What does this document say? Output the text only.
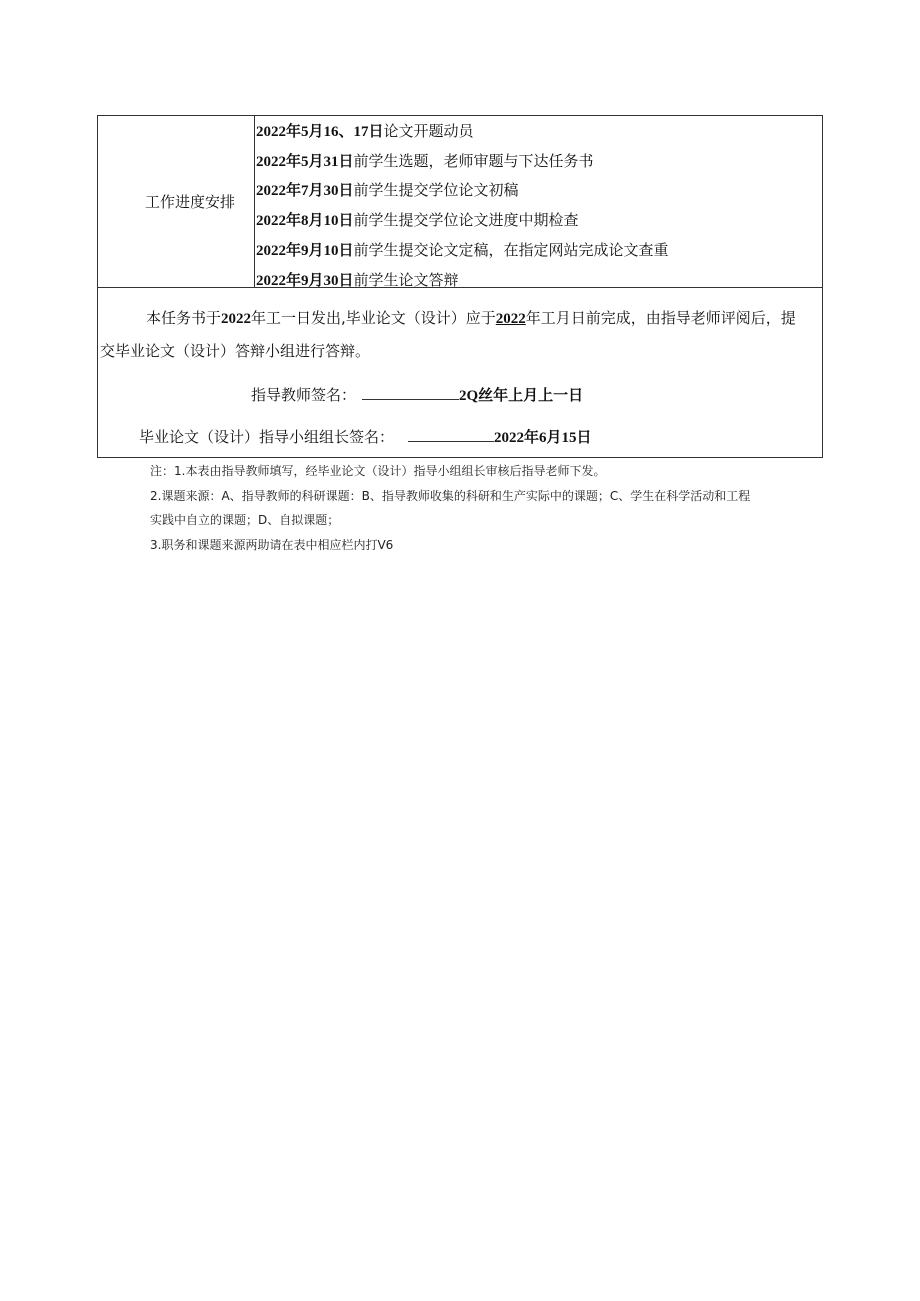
工作进度安排
2022年5月16、17日论文开题动员
2022年5月31日前学生选题，老师审题与下达任务书
2022年7月30日前学生提交学位论文初稿
2022年8月10日前学生提交学位论文进度中期检查
2022年9月10日前学生提交论文定稿，在指定网站完成论文查重
2022年9月30日前学生论文答辩
本任务书于2022年工一日发出,毕业论文（设计）应于2022年工月日前完成，由指导老师评阅后，提
交毕业论文（设计）答辩小组进行答辩。
指导教师签名：	2Q丝年上月上一日
毕业论文（设计）指导小组组长签名：	2022年6月15日
注：1.本表由指导教师填写，经毕业论文（设计）指导小组组长审核后指导老师下发。
2.课题来源：A、指导教师的科研课题：B、指导教师收集的科研和生产实际中的课题；C、学生在科学活动和工程
实践中自立的课题；D、自拟课题；
3.职务和课题来源两助请在表中相应栏内打V6
